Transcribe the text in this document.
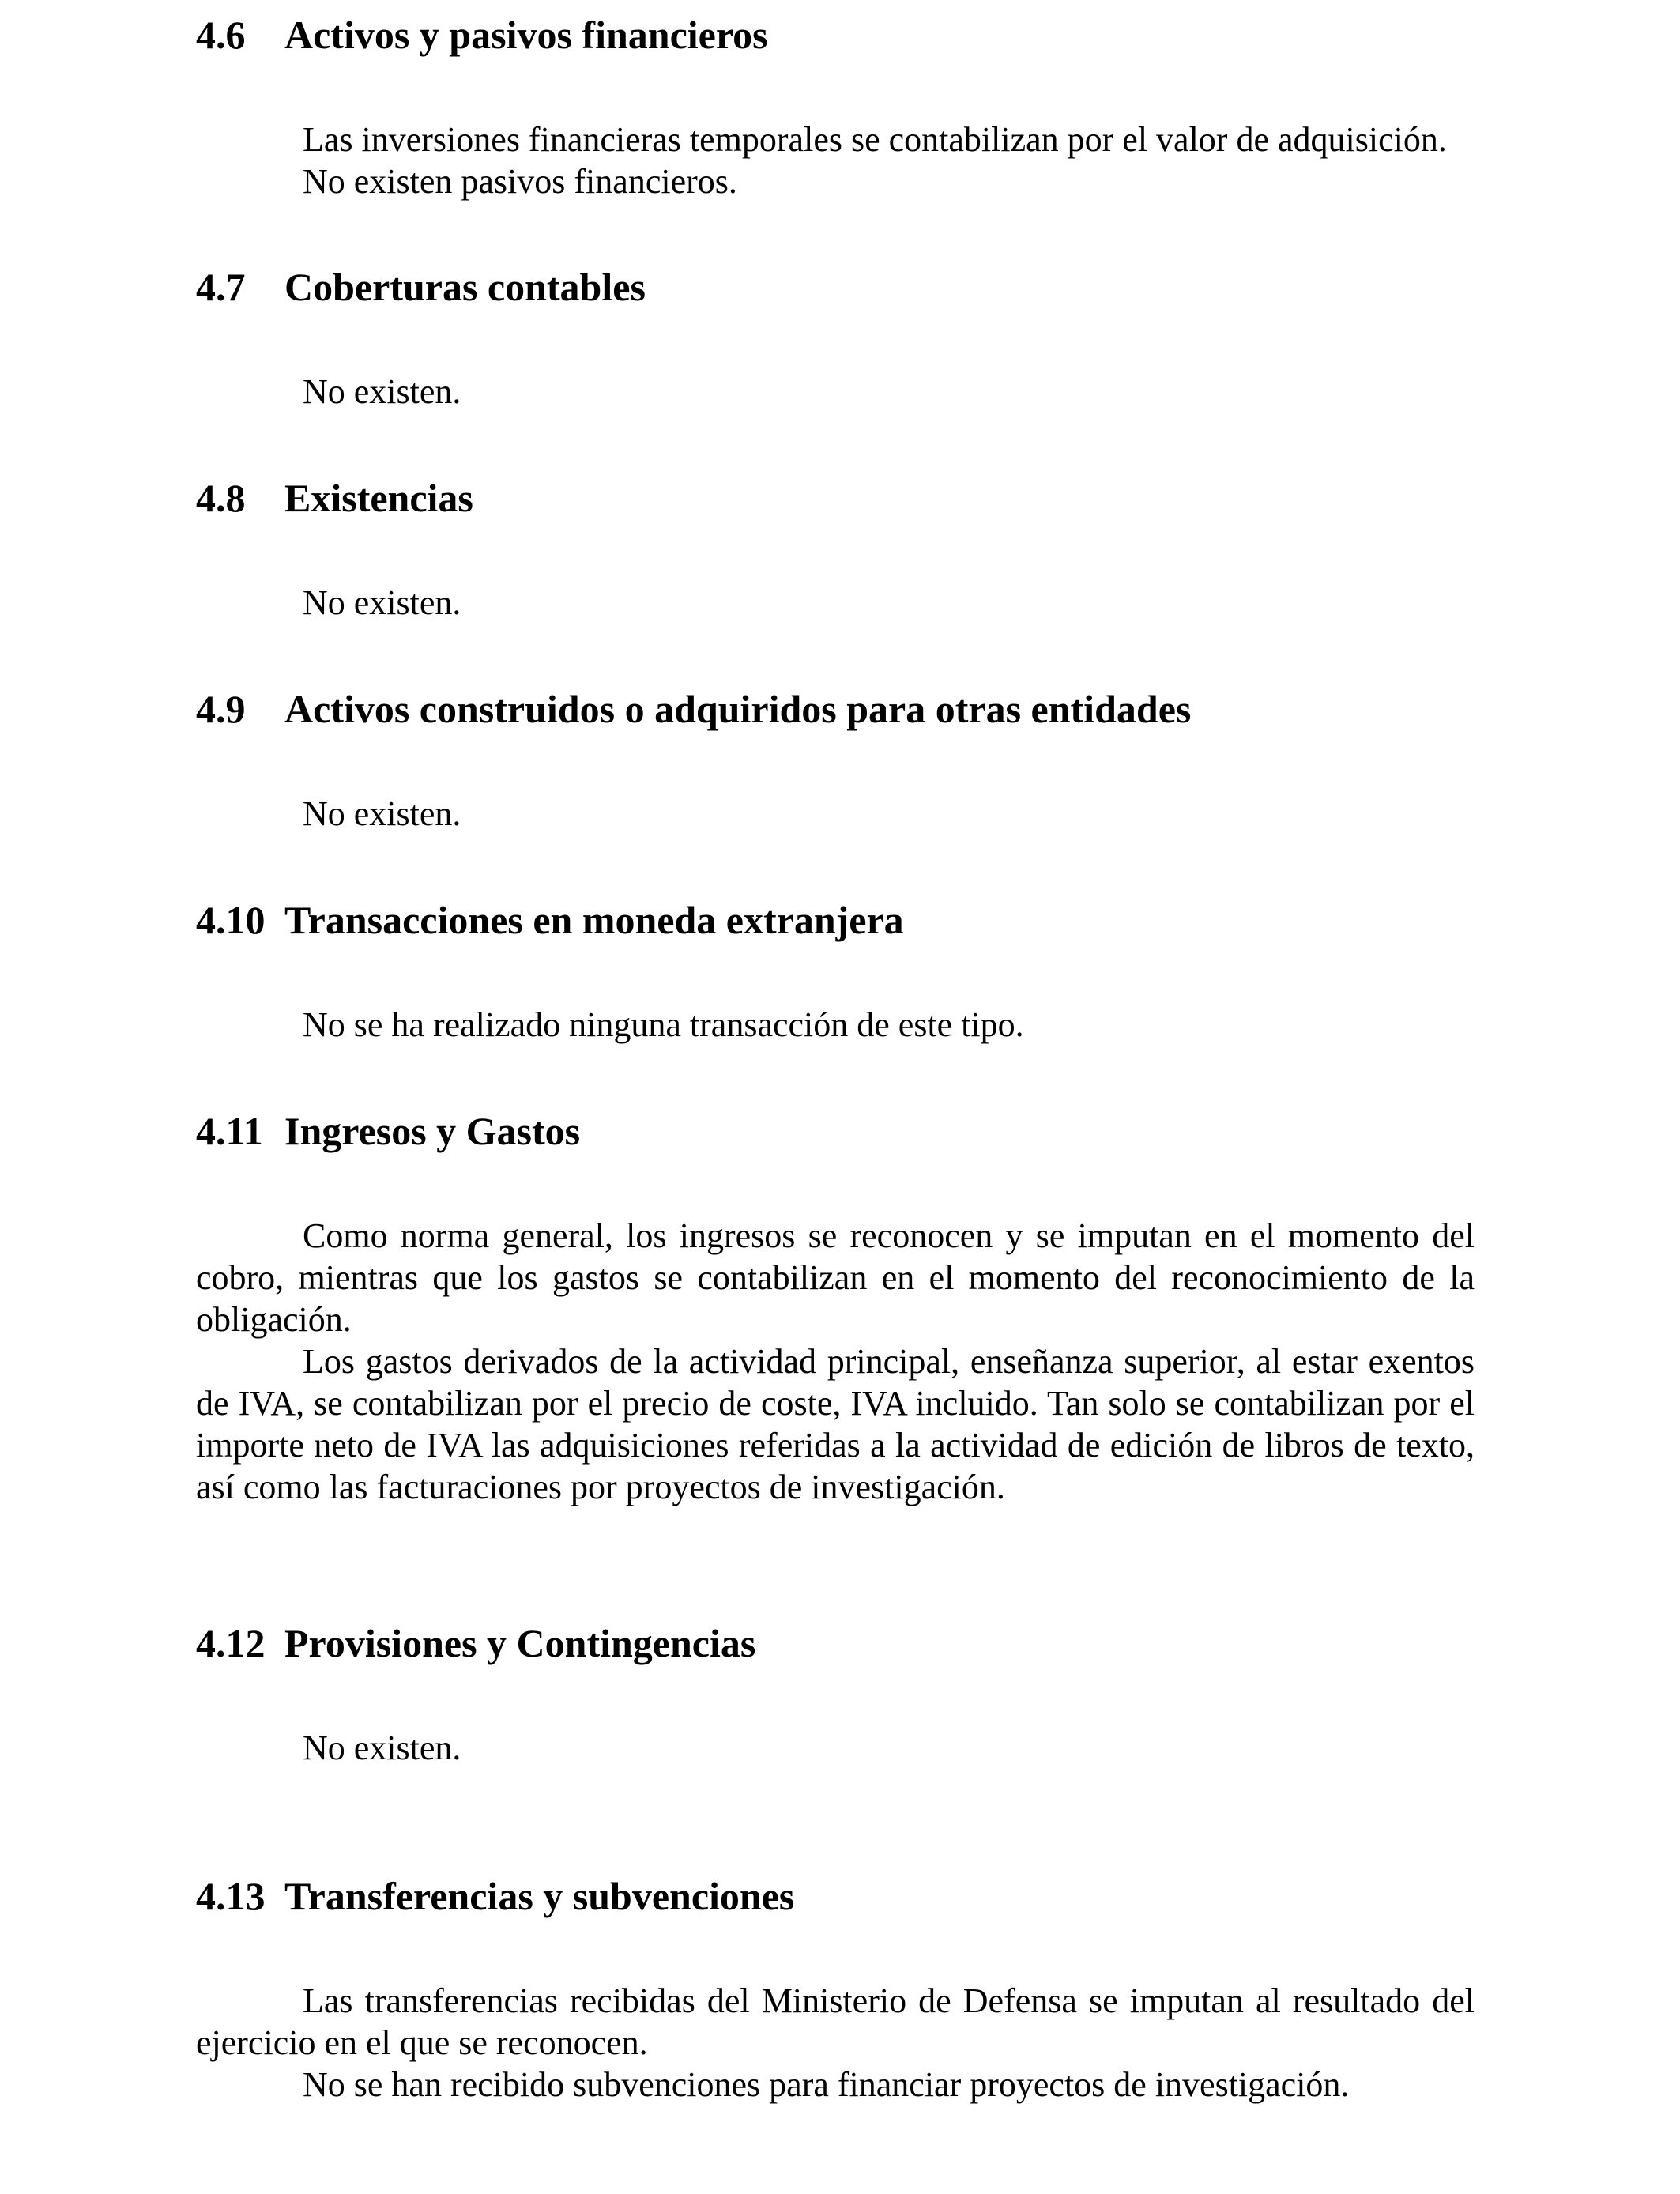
4.6 Activos y pasivos financieros

Las inversiones financieras temporales se contabilizan por el valor de adquisición.

No existen pasivos financieros.

4.7 Coberturas contables

No existen.

4.8 Existencias

No existen.

4.9 Activos construidos o adquiridos para otras entidades

No existen.

4.10 Transacciones en moneda extranjera

No se ha realizado ninguna transacción de este tipo.

4.11 Ingresos y Gastos

Como norma general, los ingresos se reconocen y se imputan en el momento del cobro, mientras que los gastos se contabilizan en el momento del reconocimiento de la obligación.

Los gastos derivados de la actividad principal, enseñanza superior, al estar exentos de IVA, se contabilizan por el precio de coste, IVA incluido. Tan solo se contabilizan por el importe neto de IVA las adquisiciones referidas a la actividad de edición de libros de texto, así como las facturaciones por proyectos de investigación.

4.12 Provisiones y Contingencias

No existen.

4.13 Transferencias y subvenciones

Las transferencias recibidas del Ministerio de Defensa se imputan al resultado del ejercicio en el que se reconocen.

No se han recibido subvenciones para financiar proyectos de investigación.
